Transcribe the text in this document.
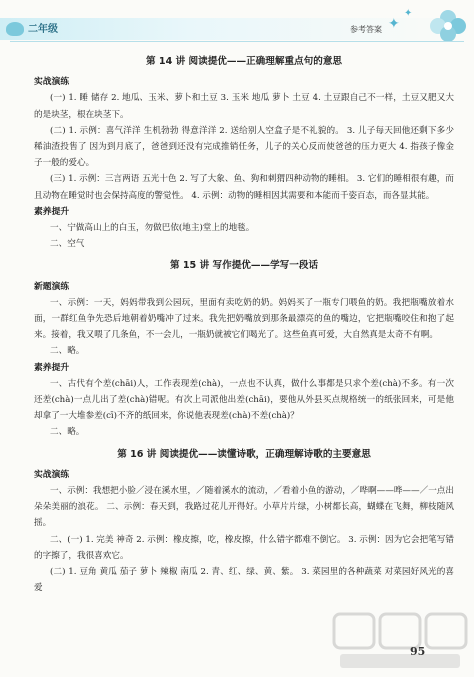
二年级	参考答案 ✦
✦
第 14 讲 阅读提优——正确理解重点句的意思
实战演练
(一) 1. 睡 储存 2. 地瓜、玉米、萝卜和土豆 3. 玉米 地瓜 萝卜 土豆 4. 土豆跟自己不一样，土豆又肥又大的是块茎，根在块茎下。
(二) 1. 示例：喜气洋洋 生机勃勃 得意洋洋 2. 送给别人空盒子是不礼貌的。 3. 儿子每天回他还剩下多少稀油渣投售了 因为到月底了，爸爸到还没有完成推销任务，儿子的关心反而使爸爸的压力更大 4. 指孩子像金子一般的爱心。
(三) 1. 示例：三言两语 五光十色 2. 写了大象、鱼、狗和刺猬四种动物的睡相。 3. 它们的睡相很有趣，而且动物在睡觉时也会保持高度的警觉性。 4. 示例：动物的睡相因其需要和本能而千姿百态，而各显其能。
素养提升
一、宁做高山上的白玉，勿做巴依(地主)堂上的地毯。
二、空气
第 15 讲 写作提优——学写一段话
新题演练
一、示例：一天，妈妈带我到公园玩，里面有卖吃奶的奶。妈妈买了一瓶专门喂鱼的奶。我把瓶嘴放着水面，一群红鱼争先恐后地朝着奶嘴冲了过来。我先把奶嘴放到那条最漂亮的鱼的嘴边，它把瓶嘴咬住和抱了起来。接着，我又喂了几条鱼，不一会儿，一瓶奶就被它们喝光了。这些鱼真可爱，大自然真是太奇不有啊。
二、略。
素养提升
一、古代有个差(chāi)人，工作表现差(chà)，一点也不认真，做什么事都是只求个差(chà)不多。有一次还差(chà)一点儿出了差(chà)错呢。有次上司派他出差(chāi)，要他从外县买点规格统一的纸张回来，可是他却拿了一大堆参差(cī)不齐的纸回来，你说他表现差(chà)不差(chà)？
二、略。
第 16 讲 阅读提优——读懂诗歌，正确理解诗歌的主要意思
实战演练
一、示例：我想把小脸／浸在溪水里，／随着溪水的流动，／看着小鱼的游动，／哗啊——哗——／一点出朵朵美丽的浪花。 二、示例：春天到，我路过花儿开得好。小草片片绿，小树都长高，蝴蝶在飞舞，柳枝随风摇。
二、(一) 1. 完美 神奇 2. 示例：橡皮擦，吃，橡皮擦，什么错字都难不倒它。 3. 示例：因为它会把笔写错的字擦了，我很喜欢它。
(二) 1. 豆角 黄瓜 茄子 萝卜 辣椒 南瓜 2. 青、红、绿、黄、紫。 3. 菜园里的各种蔬菜 对菜园好风光的喜爱
95
